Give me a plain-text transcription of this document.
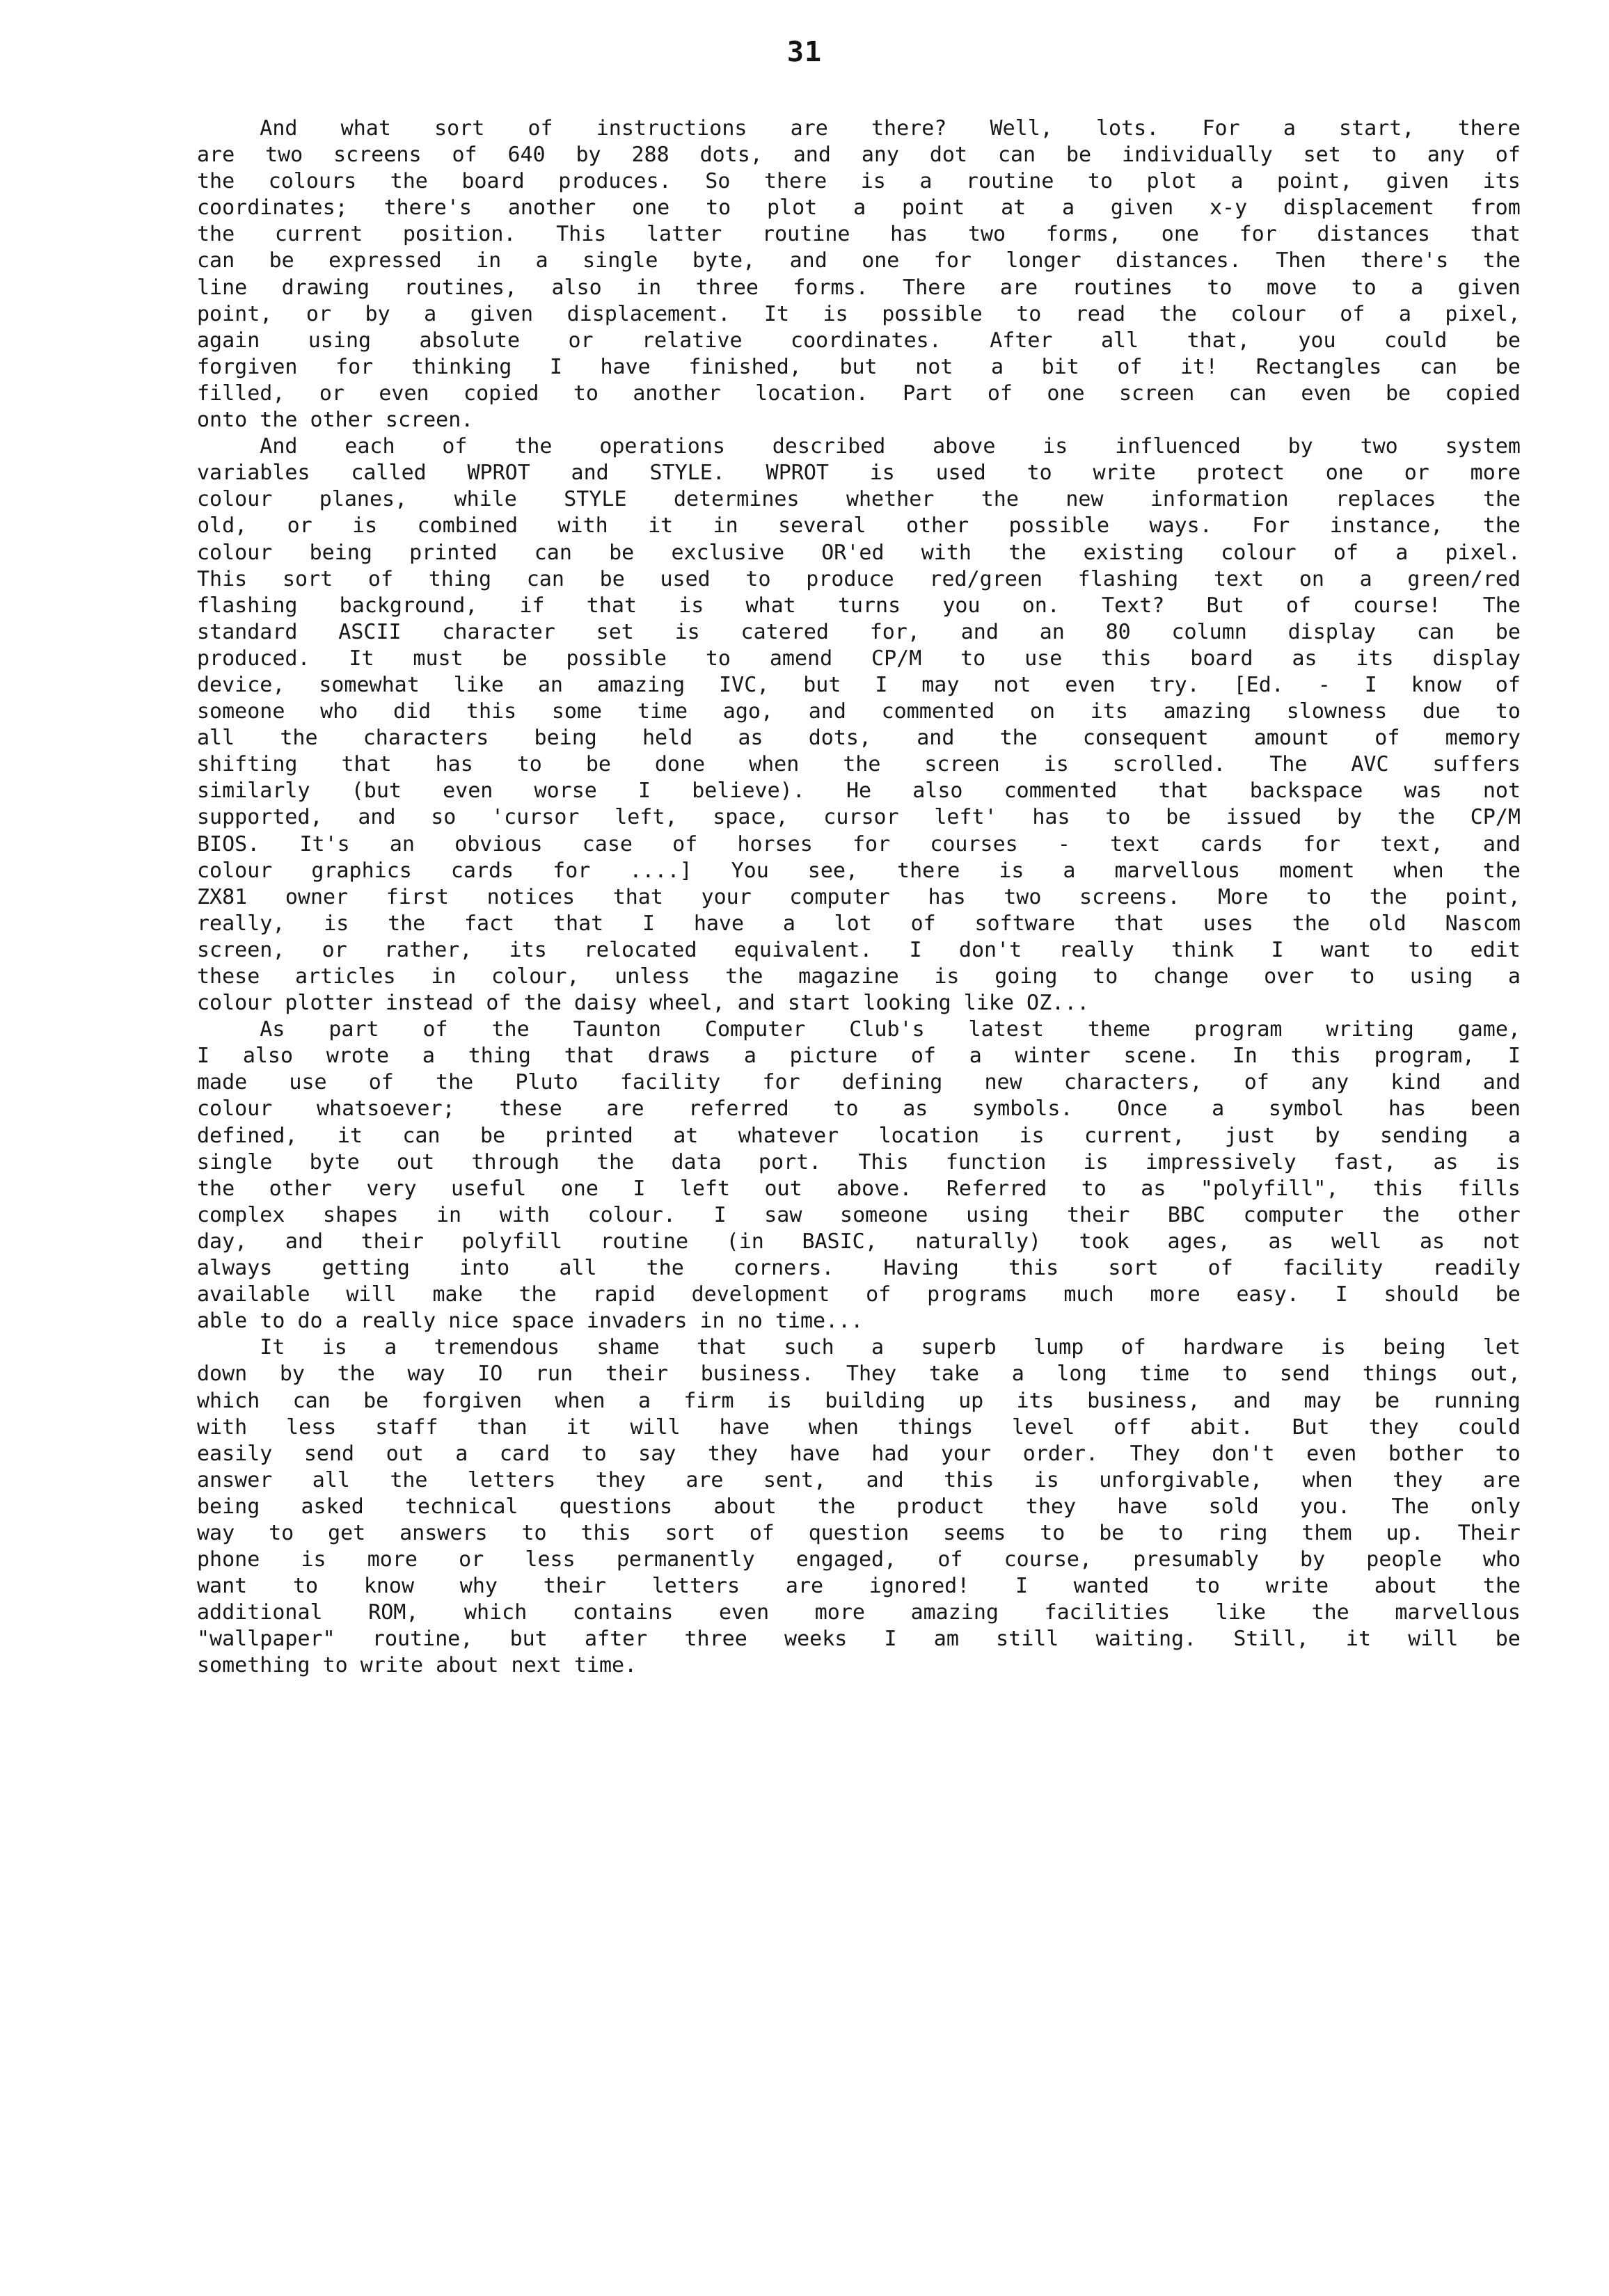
31
And what sort of instructions are there? Well, lots. For a start, there
are two screens of 640 by 288 dots, and any dot can be individually set to any of
the colours the board produces. So there is a routine to plot a point, given its
coordinates; there's another one to plot a point at a given x-y displacement from
the current position. This latter routine has two forms, one for distances that
can be expressed in a single byte, and one for longer distances. Then there's the
line drawing routines, also in three forms. There are routines to move to a given
point, or by a given displacement. It is possible to read the colour of a pixel,
again using absolute or relative coordinates. After all that, you could be
forgiven for thinking I have finished, but not a bit of it! Rectangles can be
filled, or even copied to another location. Part of one screen can even be copied
onto the other screen.
And each of the operations described above is influenced by two system
variables called WPROT and STYLE. WPROT is used to write protect one or more
colour planes, while STYLE determines whether the new information replaces the
old, or is combined with it in several other possible ways. For instance, the
colour being printed can be exclusive OR'ed with the existing colour of a pixel.
This sort of thing can be used to produce red/green flashing text on a green/red
flashing background, if that is what turns you on. Text? But of course! The
standard ASCII character set is catered for, and an 80 column display can be
produced. It must be possible to amend CP/M to use this board as its display
device, somewhat like an amazing IVC, but I may not even try. [Ed. - I know of
someone who did this some time ago, and commented on its amazing slowness due to
all the characters being held as dots, and the consequent amount of memory
shifting that has to be done when the screen is scrolled. The AVC suffers
similarly (but even worse I believe). He also commented that backspace was not
supported, and so 'cursor left, space, cursor left' has to be issued by the CP/M
BIOS. It's an obvious case of horses for courses - text cards for text, and
colour graphics cards for ....] You see, there is a marvellous moment when the
ZX81 owner first notices that your computer has two screens. More to the point,
really, is the fact that I have a lot of software that uses the old Nascom
screen, or rather, its relocated equivalent. I don't really think I want to edit
these articles in colour, unless the magazine is going to change over to using a
colour plotter instead of the daisy wheel, and start looking like OZ...
As part of the Taunton Computer Club's latest theme program writing game,
I also wrote a thing that draws a picture of a winter scene. In this program, I
made use of the Pluto facility for defining new characters, of any kind and
colour whatsoever; these are referred to as symbols. Once a symbol has been
defined, it can be printed at whatever location is current, just by sending a
single byte out through the data port. This function is impressively fast, as is
the other very useful one I left out above. Referred to as "polyfill", this fills
complex shapes in with colour. I saw someone using their BBC computer the other
day, and their polyfill routine (in BASIC, naturally) took ages, as well as not
always getting into all the corners. Having this sort of facility readily
available will make the rapid development of programs much more easy. I should be
able to do a really nice space invaders in no time...
It is a tremendous shame that such a superb lump of hardware is being let
down by the way IO run their business. They take a long time to send things out,
which can be forgiven when a firm is building up its business, and may be running
with less staff than it will have when things level off abit. But they could
easily send out a card to say they have had your order. They don't even bother to
answer all the letters they are sent, and this is unforgivable, when they are
being asked technical questions about the product they have sold you. The only
way to get answers to this sort of question seems to be to ring them up. Their
phone is more or less permanently engaged, of course, presumably by people who
want to know why their letters are ignored! I wanted to write about the
additional ROM, which contains even more amazing facilities like the marvellous
"wallpaper" routine, but after three weeks I am still waiting. Still, it will be
something to write about next time.
